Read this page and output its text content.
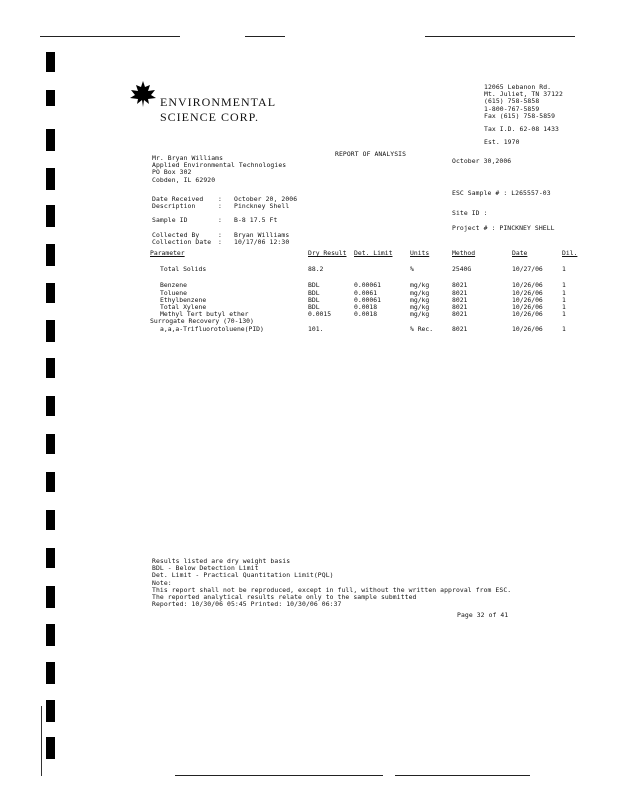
ENVIRONMENTAL
SCIENCE CORP.
12065 Lebanon Rd.
Mt. Juliet, TN 37122
(615) 758-5858
1-800-767-5859
Fax (615) 758-5859
Tax I.D. 62-08 1433
Est. 1970
REPORT OF ANALYSIS
October 30,2006
Mr. Bryan Williams
Applied Environmental Technologies
PO Box 302
Cobden, IL 62920
Date Received : October 20, 2006
Description	: Pinckney Shell
Sample ID	: B-8 17.5 Ft
Collected By	: Bryan Williams
Collection Date : 10/17/06 12:30
ESC Sample # : L265557-03
Site ID :
Project # : PINCKNEY SHELL
Parameter	Dry Result	Det. Limit	Units	Method	Date	Dil.

Total Solids	88.2		%	2540G	10/27/06	1

Benzene	BDL	0.00061	mg/kg	8021	10/26/06	1
Toluene	BDL	0.0061	mg/kg	8021	10/26/06	1
Ethylbenzene	BDL	0.00061	mg/kg	8021	10/26/06	1
Total Xylene	BDL	0.0018	mg/kg	8021	10/26/06	1
Methyl Tert butyl ether	0.0015	0.0018	mg/kg	8021	10/26/06	1
Surrogate Recovery (70-130)						
a,a,a-Trifluorotoluene(PID)	101.		% Rec.	8021	10/26/06	1
Results listed are dry weight basis
BDL - Below Detection Limit
Det. Limit - Practical Quantitation Limit(PQL)
Note:
This report shall not be reproduced, except in full, without the written approval from ESC.
The reported analytical results relate only to the sample submitted
Reported: 10/30/06 05:45 Printed: 10/30/06 06:37
Page 32 of 41
